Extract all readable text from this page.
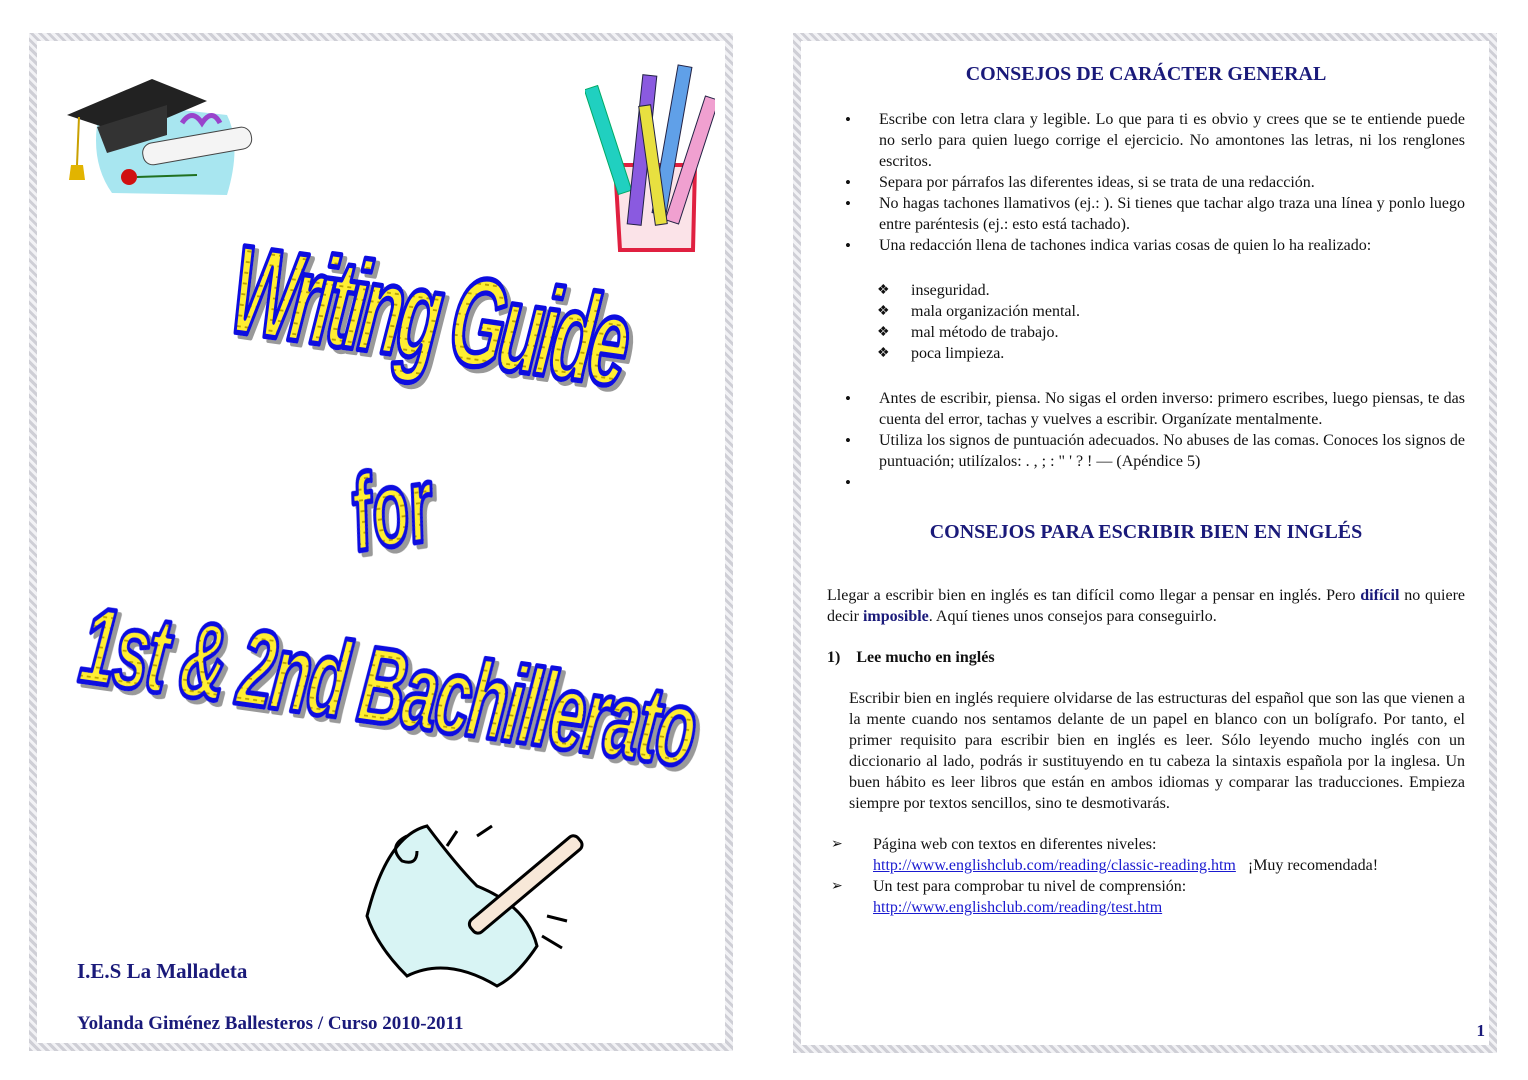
Writing Guide
for
1st & 2nd Bachillerato
I.E.S La Malladeta
Yolanda Giménez Ballesteros / Curso 2010-2011
CONSEJOS DE CARÁCTER GENERAL
• Escribe con letra clara y legible. Lo que para ti es obvio y crees que se te entiende puede no serlo para quien luego corrige el ejercicio. No amontones las letras, ni los renglones escritos.
• Separa por párrafos las diferentes ideas, si se trata de una redacción.
• No hagas tachones llamativos (ej.: ). Si tienes que tachar algo traza una línea y ponlo luego entre paréntesis (ej.: esto está tachado).
• Una redacción llena de tachones indica varias cosas de quien lo ha realizado:
❖ inseguridad.
❖ mala organización mental.
❖ mal método de trabajo.
❖ poca limpieza.
• Antes de escribir, piensa. No sigas el orden inverso: primero escribes, luego piensas, te das cuenta del error, tachas y vuelves a escribir. Organízate mentalmente.
• Utiliza los signos de puntuación adecuados. No abuses de las comas. Conoces los signos de puntuación; utilízalos: . , ; : " ' ? ! — (Apéndice 5)
•
CONSEJOS PARA ESCRIBIR BIEN EN INGLÉS
Llegar a escribir bien en inglés es tan difícil como llegar a pensar en inglés. Pero difícil no quiere decir imposible. Aquí tienes unos consejos para conseguirlo.
1) Lee mucho en inglés
Escribir bien en inglés requiere olvidarse de las estructuras del español que son las que vienen a la mente cuando nos sentamos delante de un papel en blanco con un bolígrafo. Por tanto, el primer requisito para escribir bien en inglés es leer. Sólo leyendo mucho inglés con un diccionario al lado, podrás ir sustituyendo en tu cabeza la sintaxis española por la inglesa. Un buen hábito es leer libros que están en ambos idiomas y comparar las traducciones. Empieza siempre por textos sencillos, sino te desmotivarás.
➢ Página web con textos en diferentes niveles:
http://www.englishclub.com/reading/classic-reading.htm ¡Muy recomendada!
➢ Un test para comprobar tu nivel de comprensión:
http://www.englishclub.com/reading/test.htm
1
